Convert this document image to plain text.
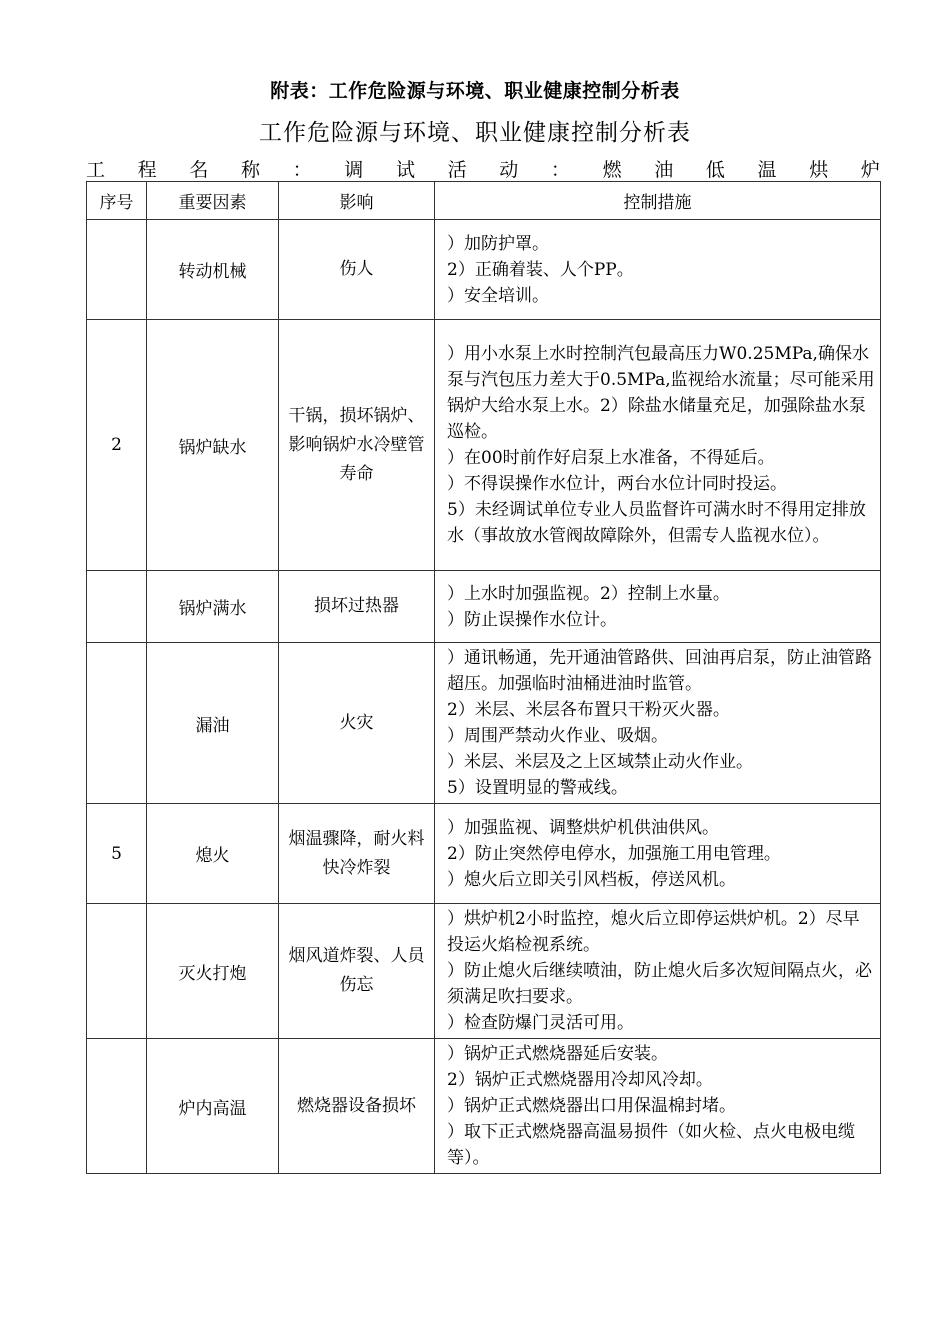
附表：工作危险源与环境、职业健康控制分析表
工作危险源与环境、职业健康控制分析表
工 程 名 称 ： 调 试 活 动 ： 燃 油 低 温 烘 炉
序号	重要因素	影响	控制措施
	转动机械	伤人	）加防护罩。
2）正确着装、人个PP。
）安全培训。

2	锅炉缺水	干锅，损坏锅炉、影响锅炉水冷壁管寿命	）用小水泵上水时控制汽包最高压力W0.25MPa,确保水泵与汽包压力差大于0.5MPa,监视给水流量；尽可能采用锅炉大给水泵上水。2）除盐水储量充足，加强除盐水泵巡检。
）在00时前作好启泵上水准备，不得延后。
）不得误操作水位计，两台水位计同时投运。
5）未经调试单位专业人员监督许可满水时不得用定排放水（事故放水管阀故障除外，但需专人监视水位）。

	锅炉满水	损坏过热器	）上水时加强监视。2）控制上水量。
）防止误操作水位计。

	漏油	火灾	）通讯畅通，先开通油管路供、回油再启泵，防止油管路超压。加强临时油桶进油时监管。
2）米层、米层各布置只干粉灭火器。
）周围严禁动火作业、吸烟。
）米层、米层及之上区域禁止动火作业。
5）设置明显的警戒线。

5	熄火	烟温骤降，耐火料快冷炸裂	）加强监视、调整烘炉机供油供风。
2）防止突然停电停水，加强施工用电管理。
）熄火后立即关引风档板，停送风机。

	灭火打炮	烟风道炸裂、人员伤忘	）烘炉机2小时监控，熄火后立即停运烘炉机。2）尽早投运火焰检视系统。
）防止熄火后继续喷油，防止熄火后多次短间隔点火，必须满足吹扫要求。
）检查防爆门灵活可用。

	炉内高温	燃烧器设备损坏	）锅炉正式燃烧器延后安装。
2）锅炉正式燃烧器用冷却风冷却。
）锅炉正式燃烧器出口用保温棉封堵。
）取下正式燃烧器高温易损件（如火检、点火电极电缆等）。
